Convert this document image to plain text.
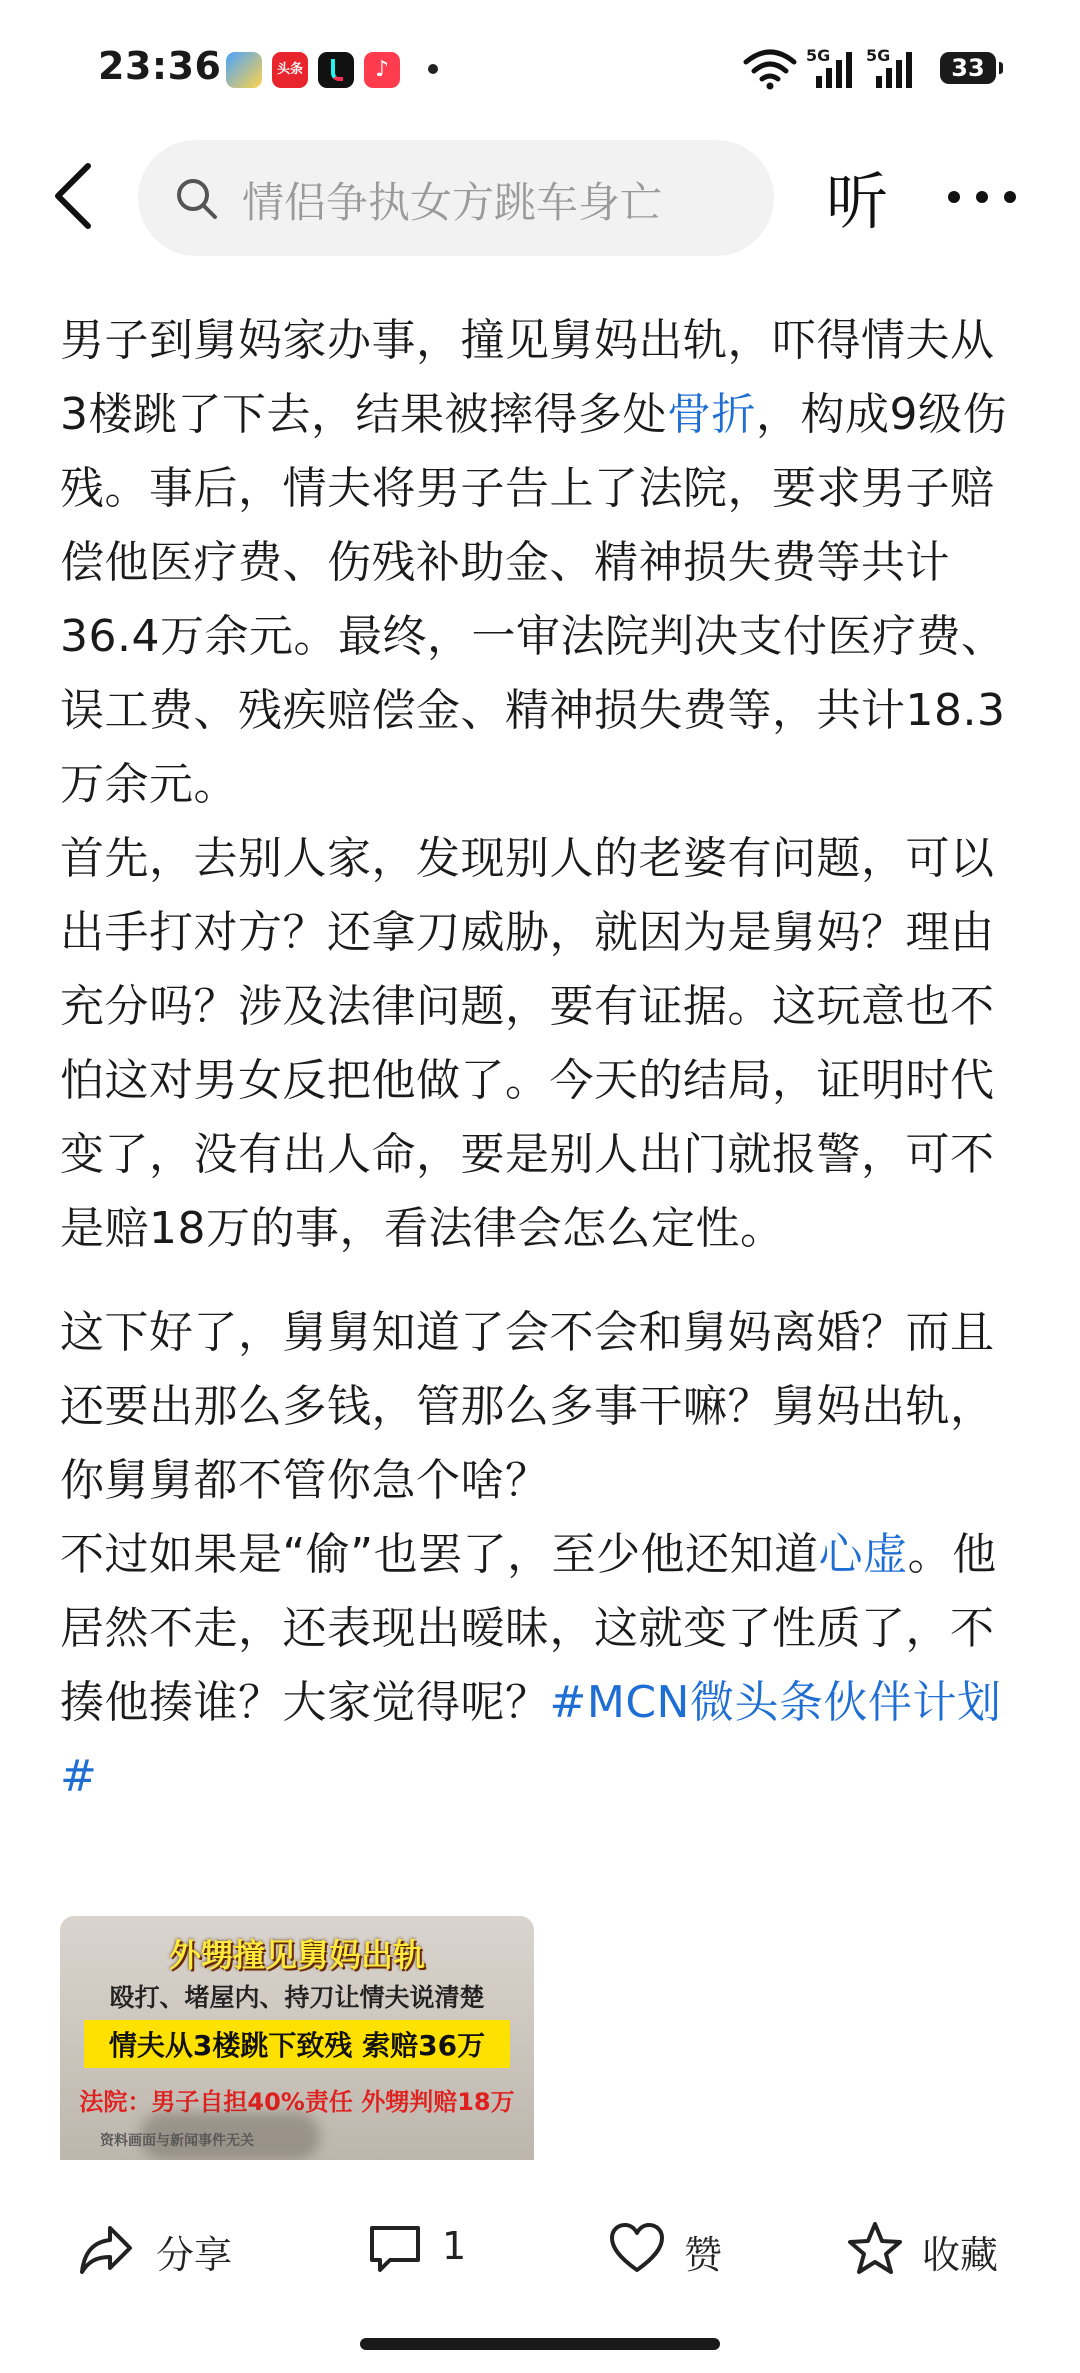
23:36	头条	♪
5G 5G	33
情侣争执女方跳车身亡	听

男子到舅妈家办事，撞见舅妈出轨，吓得情夫从3楼跳了下去，结果被摔得多处骨折，构成9级伤残。事后，情夫将男子告上了法院，要求男子赔偿他医疗费、伤残补助金、精神损失费等共计36.4万余元。最终，一审法院判决支付医疗费、误工费、残疾赔偿金、精神损失费等，共计18.3万余元。

首先，去别人家，发现别人的老婆有问题，可以出手打对方？还拿刀威胁，就因为是舅妈？理由充分吗？涉及法律问题，要有证据。这玩意也不怕这对男女反把他做了。今天的结局，证明时代变了，没有出人命，要是别人出门就报警，可不是赔18万的事，看法律会怎么定性。

这下好了，舅舅知道了会不会和舅妈离婚？而且还要出那么多钱，管那么多事干嘛？舅妈出轨，你舅舅都不管你急个啥？

不过如果是“偷”也罢了，至少他还知道心虚。他居然不走，还表现出暧昧，这就变了性质了，不揍他揍谁？大家觉得呢？#MCN微头条伙伴计划#

外甥撞见舅妈出轨
殴打、堵屋内、持刀让情夫说清楚
情夫从3楼跳下致残 索赔36万
法院：男子自担40%责任 外甥判赔18万
资料画面与新闻事件无关
分享	1	赞	收藏
